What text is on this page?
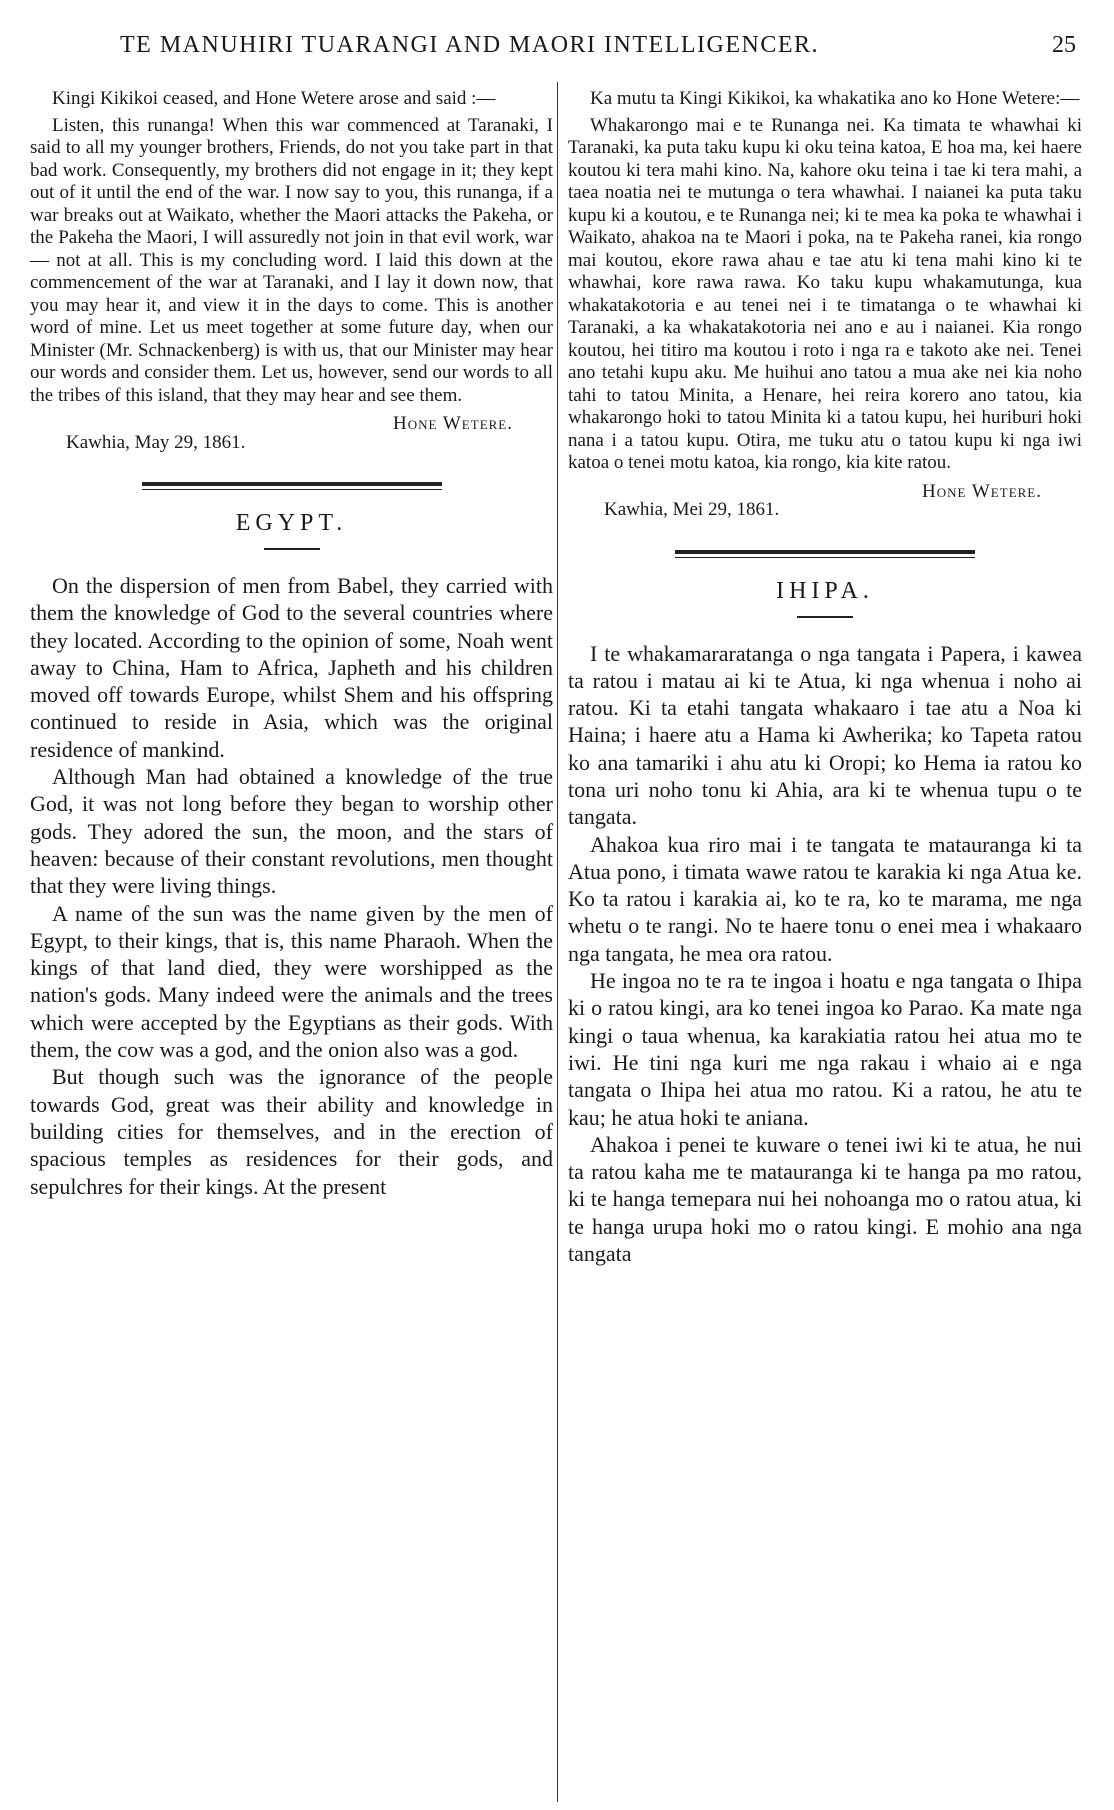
TE MANUHIRI TUARANGI AND MAORI INTELLIGENCER.	25

Kingi Kikikoi ceased, and Hone Wetere arose and said :—

Listen, this runanga! When this war commenced at Taranaki, I said to all my younger brothers, Friends, do not you take part in that bad work. Consequently, my brothers did not engage in it; they kept out of it until the end of the war. I now say to you, this runanga, if a war breaks out at Waikato, whether the Maori attacks the Pakeha, or the Pakeha the Maori, I will assuredly not join in that evil work, war— not at all. This is my concluding word. I laid this down at the commencement of the war at Taranaki, and I lay it down now, that you may hear it, and view it in the days to come. This is another word of mine. Let us meet together at some future day, when our Minister (Mr. Schnackenberg) is with us, that our Minister may hear our words and consider them. Let us, however, send our words to all the tribes of this island, that they may hear and see them.

Hone Wetere.

Kawhia, May 29, 1861.

EGYPT.

On the dispersion of men from Babel, they carried with them the knowledge of God to the several countries where they located. According to the opinion of some, Noah went away to China, Ham to Africa, Japheth and his children moved off towards Europe, whilst Shem and his offspring continued to reside in Asia, which was the original residence of mankind.

Although Man had obtained a knowledge of the true God, it was not long before they began to worship other gods. They adored the sun, the moon, and the stars of heaven: because of their constant revolutions, men thought that they were living things.

A name of the sun was the name given by the men of Egypt, to their kings, that is, this name Pharaoh. When the kings of that land died, they were worshipped as the nation's gods. Many indeed were the animals and the trees which were accepted by the Egyptians as their gods. With them, the cow was a god, and the onion also was a god.

But though such was the ignorance of the people towards God, great was their ability and knowledge in building cities for themselves, and in the erection of spacious temples as residences for their gods, and sepulchres for their kings. At the present

Ka mutu ta Kingi Kikikoi, ka whakatika ano ko Hone Wetere:—

Whakarongo mai e te Runanga nei. Ka timata te whawhai ki Taranaki, ka puta taku kupu ki oku teina katoa, E hoa ma, kei haere koutou ki tera mahi kino. Na, kahore oku teina i tae ki tera mahi, a taea noatia nei te mutunga o tera whawhai. I naianei ka puta taku kupu ki a koutou, e te Runanga nei; ki te mea ka poka te whawhai i Waikato, ahakoa na te Maori i poka, na te Pakeha ranei, kia rongo mai koutou, ekore rawa ahau e tae atu ki tena mahi kino ki te whawhai, kore rawa rawa. Ko taku kupu whakamutunga, kua whakatakotoria e au tenei nei i te timatanga o te whawhai ki Taranaki, a ka whakatakotoria nei ano e au i naianei. Kia rongo koutou, hei titiro ma koutou i roto i nga ra e takoto ake nei. Tenei ano tetahi kupu aku. Me huihui ano tatou a mua ake nei kia noho tahi to tatou Minita, a Henare, hei reira korero ano tatou, kia whakarongo hoki to tatou Minita ki a tatou kupu, hei huriburi hoki nana i a tatou kupu. Otira, me tuku atu o tatou kupu ki nga iwi katoa o tenei motu katoa, kia rongo, kia kite ratou.

Hone Wetere.

Kawhia, Mei 29, 1861.

IHIPA.

I te whakamararatanga o nga tangata i Papera, i kawea ta ratou i matau ai ki te Atua, ki nga whenua i noho ai ratou. Ki ta etahi tangata whakaaro i tae atu a Noa ki Haina; i haere atu a Hama ki Awherika; ko Tapeta ratou ko ana tamariki i ahu atu ki Oropi; ko Hema ia ratou ko tona uri noho tonu ki Ahia, ara ki te whenua tupu o te tangata.

Ahakoa kua riro mai i te tangata te matauranga ki ta Atua pono, i timata wawe ratou te karakia ki nga Atua ke. Ko ta ratou i karakia ai, ko te ra, ko te marama, me nga whetu o te rangi. No te haere tonu o enei mea i whakaaro nga tangata, he mea ora ratou.

He ingoa no te ra te ingoa i hoatu e nga tangata o Ihipa ki o ratou kingi, ara ko tenei ingoa ko Parao. Ka mate nga kingi o taua whenua, ka karakiatia ratou hei atua mo te iwi. He tini nga kuri me nga rakau i whaio ai e nga tangata o Ihipa hei atua mo ratou. Ki a ratou, he atu te kau; he atua hoki te aniana.

Ahakoa i penei te kuware o tenei iwi ki te atua, he nui ta ratou kaha me te matauranga ki te hanga pa mo ratou, ki te hanga temepara nui hei nohoanga mo o ratou atua, ki te hanga urupa hoki mo o ratou kingi. E mohio ana nga tangata
